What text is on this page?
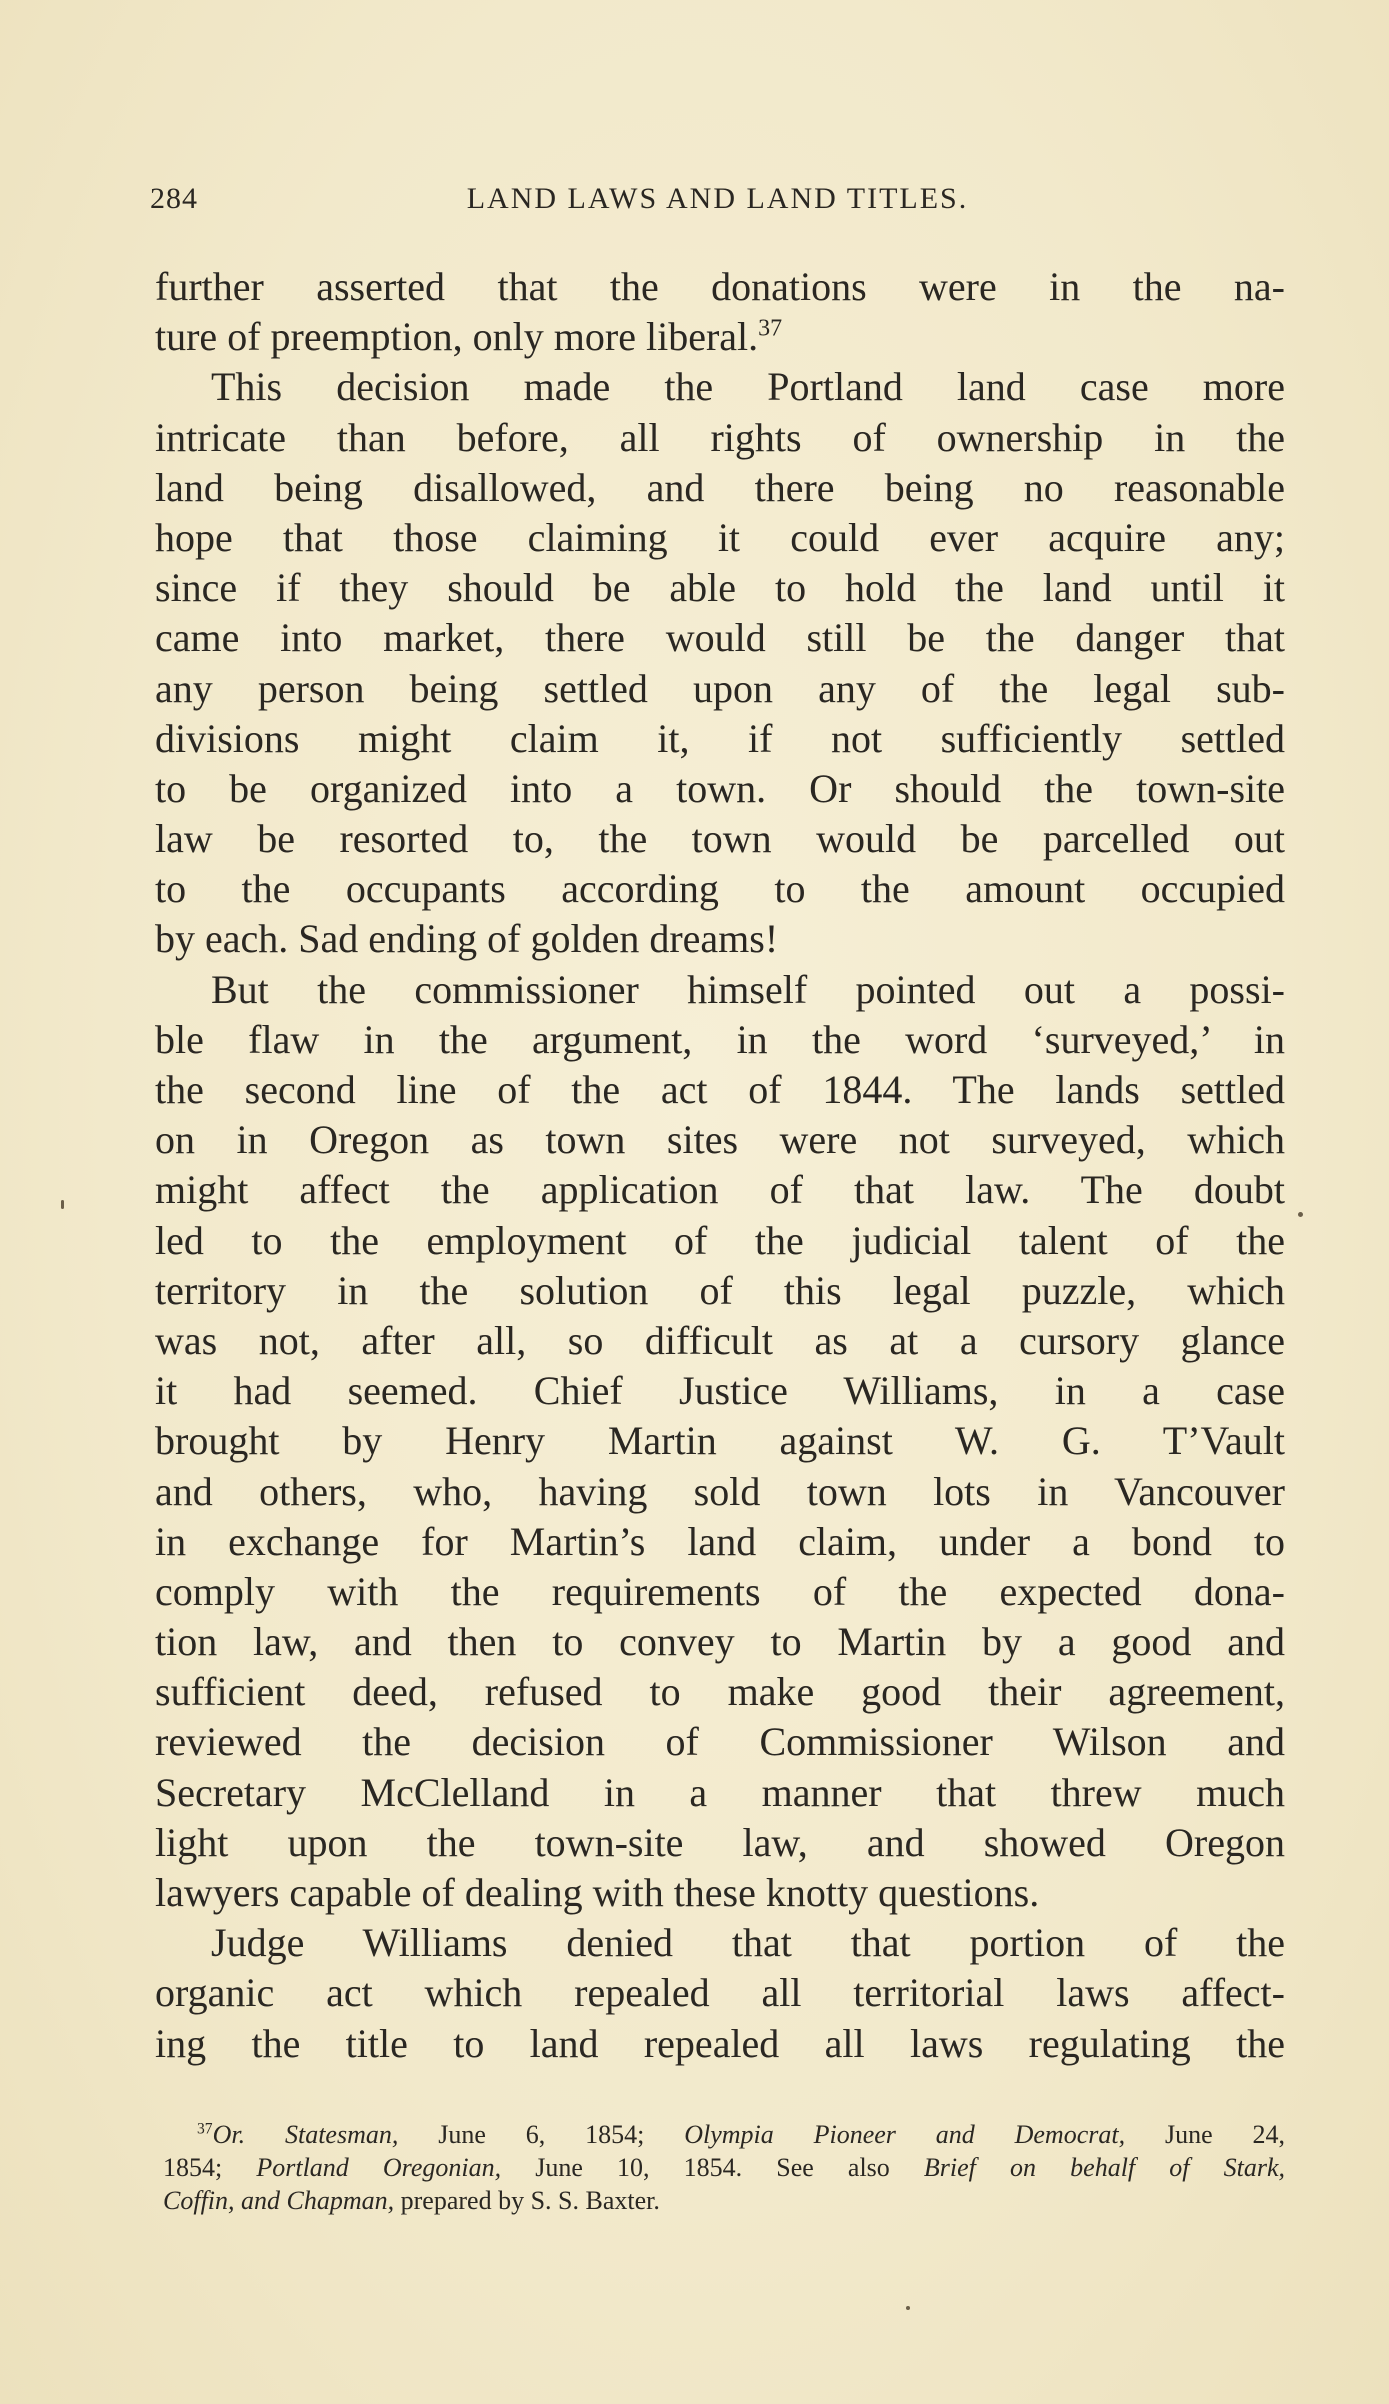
284	LAND LAWS AND LAND TITLES.
further asserted that the donations were in the na-
ture of preemption, only more liberal.$^{37}$
This decision made the Portland land case more
intricate than before, all rights of ownership in the
land being disallowed, and there being no reasonable
hope that those claiming it could ever acquire any;
since if they should be able to hold the land until it
came into market, there would still be the danger that
any person being settled upon any of the legal sub-
divisions might claim it, if not sufficiently settled
to be organized into a town. Or should the town-site
law be resorted to, the town would be parcelled out
to the occupants according to the amount occupied
by each. Sad ending of golden dreams!
But the commissioner himself pointed out a possi-
ble flaw in the argument, in the word ‘surveyed,’ in
the second line of the act of 1844. The lands settled
on in Oregon as town sites were not surveyed, which
might affect the application of that law. The doubt
led to the employment of the judicial talent of the
territory in the solution of this legal puzzle, which
was not, after all, so difficult as at a cursory glance
it had seemed. Chief Justice Williams, in a case
brought by Henry Martin against W. G. T’Vault
and others, who, having sold town lots in Vancouver
in exchange for Martin’s land claim, under a bond to
comply with the requirements of the expected dona-
tion law, and then to convey to Martin by a good and
sufficient deed, refused to make good their agreement,
reviewed the decision of Commissioner Wilson and
Secretary McClelland in a manner that threw much
light upon the town-site law, and showed Oregon
lawyers capable of dealing with these knotty questions.
Judge Williams denied that that portion of the
organic act which repealed all territorial laws affect-
ing the title to land repealed all laws regulating the
$^{37}$Or. Statesman, June 6, 1854; Olympia Pioneer and Democrat, June 24,
1854; Portland Oregonian, June 10, 1854. See also Brief on behalf of Stark,
Coffin, and Chapman, prepared by S. S. Baxter.
